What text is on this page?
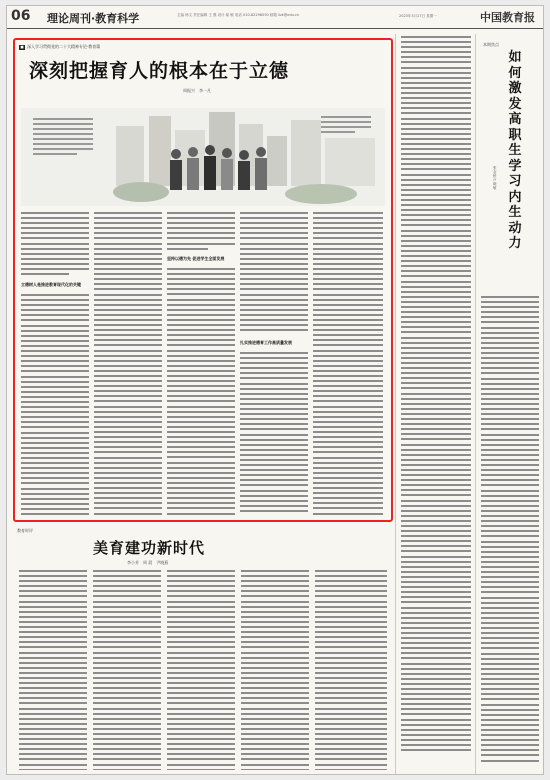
06 理论周刊·教育科学	主编 杨文 责任编辑 王 强 设计 郝 敏 电话 010-82296550 邮箱 llzk@edu.cn	2023年3月27日 星期一	中国教育报
■ 深入学习贯彻党的二十大精神专论·教育篇
深刻把握育人的根本在于立德
周振兴　李一凡
立德树人是推进教育现代化的关键
坚持以德为先 促进学生全面发展
扎实推进德育工作高质量发展
本期焦点
如何激发高职生学习内生动力
张金桥 卢晓敏
教育时评
美育建功新时代
李小芳　周 晨　尹晓燕
